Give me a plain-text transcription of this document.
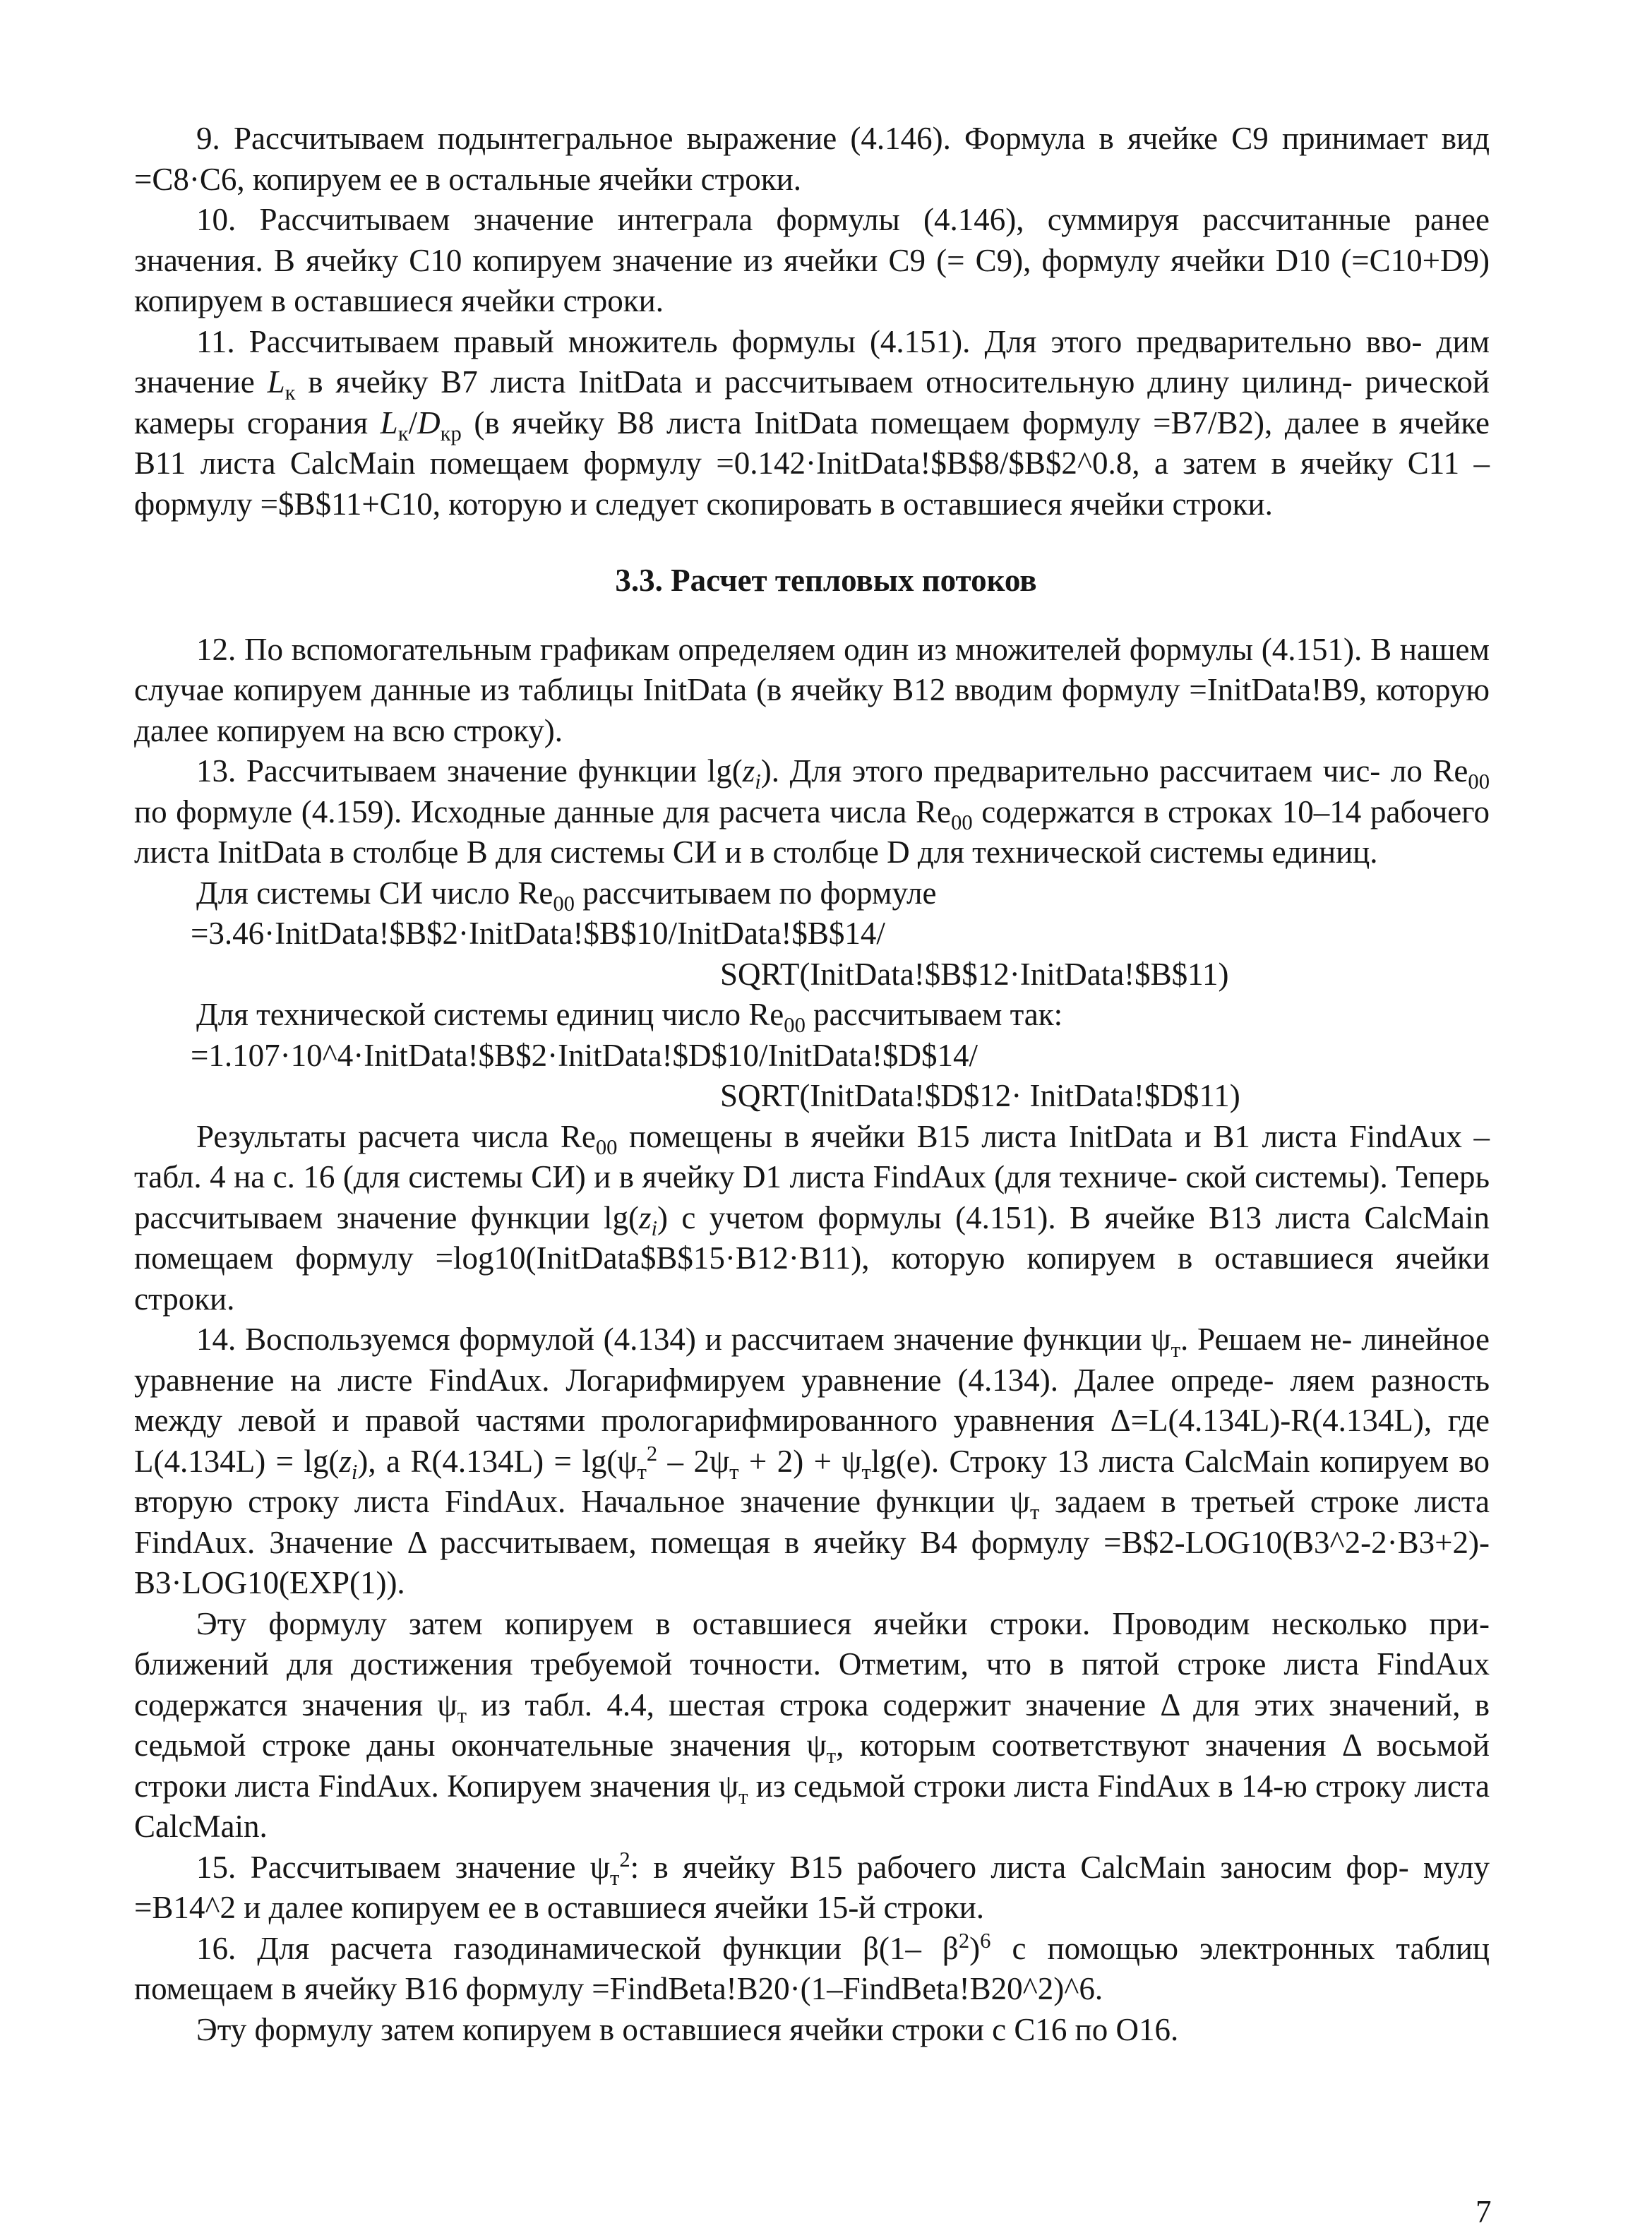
9. Рассчитываем подынтегральное выражение (4.146). Формула в ячейке С9 принимает вид =С8·С6, копируем ее в остальные ячейки строки.

10. Рассчитываем значение интеграла формулы (4.146), суммируя рассчитанные ранее значения. В ячейку С10 копируем значение из ячейки С9 (= С9), формулу ячейки D10 (=C10+D9) копируем в оставшиеся ячейки строки.

11. Рассчитываем правый множитель формулы (4.151). Для этого предварительно вво- дим значение $L_к$ в ячейку В7 листа InitData и рассчитываем относительную длину цилинд- рической камеры сгорания $L_к/D_{кр}$ (в ячейку В8 листа InitData помещаем формулу =В7/В2), далее в ячейке В11 листа CalcMain помещаем формулу =0.142·InitData!$B$8/$B$2^0.8, а затем в ячейку С11 – формулу =$B$11+C10, которую и следует скопировать в оставшиеся ячейки строки.

3.3. Расчет тепловых потоков

12. По вспомогательным графикам определяем один из множителей формулы (4.151). В нашем случае копируем данные из таблицы InitData (в ячейку В12 вводим формулу =InitData!B9, которую далее копируем на всю строку).

13. Рассчитываем значение функции $\lg(z_i)$. Для этого предварительно рассчитаем чис- ло $Re_{00}$ по формуле (4.159). Исходные данные для расчета числа $Re_{00}$ содержатся в строках 10–14 рабочего листа InitData в столбце В для системы СИ и в столбце D для технической системы единиц.

Для системы СИ число $Re_{00}$ рассчитываем по формуле
=3.46·InitData!$B$2·InitData!$B$10/InitData!$B$14/
SQRT(InitData!$B$12·InitData!$B$11)
Для технической системы единиц число $Re_{00}$ рассчитываем так:
=1.107·10^4·InitData!$B$2·InitData!$D$10/InitData!$D$14/
SQRT(InitData!$D$12· InitData!$D$11)

Результаты расчета числа $Re_{00}$ помещены в ячейки В15 листа InitData и В1 листа FindAux – табл. 4 на с. 16 (для системы СИ) и в ячейку D1 листа FindAux (для техниче- ской системы). Теперь рассчитываем значение функции $\lg(z_i)$ с учетом формулы (4.151). В ячейке В13 листа CalcMain помещаем формулу =log10(InitData$B$15·B12·B11), которую копируем в оставшиеся ячейки строки.

14. Воспользуемся формулой (4.134) и рассчитаем значение функции $\psi_т$. Решаем не- линейное уравнение на листе FindAux. Логарифмируем уравнение (4.134). Далее опреде- ляем разность между левой и правой частями прологарифмированного уравнения Δ=L(4.134L)-R(4.134L), где $L(4.134L) = \lg(z_i)$, а $R(4.134L) = \lg(\psi_т^2 - 2\psi_т + 2) + \psi_т\lg(e)$. Строку 13 листа CalcMain копируем во вторую строку листа FindAux. Начальное значение функции $\psi_т$ задаем в третьей строке листа FindAux. Значение Δ рассчитываем, помещая в ячейку В4 формулу =B$2-LOG10(B3^2-2·B3+2)-B3·LOG10(EXP(1)).

Эту формулу затем копируем в оставшиеся ячейки строки. Проводим несколько при- ближений для достижения требуемой точности. Отметим, что в пятой строке листа FindAux содержатся значения $\psi_т$ из табл. 4.4, шестая строка содержит значение Δ для этих значений, в седьмой строке даны окончательные значения $\psi_т$, которым соответствуют значения Δ восьмой строки листа FindAux. Копируем значения $\psi_т$ из седьмой строки листа FindAux в 14-ю строку листа CalcMain.

15. Рассчитываем значение $\psi_т^2$: в ячейку В15 рабочего листа CalcMain заносим фор- мулу =B14^2 и далее копируем ее в оставшиеся ячейки 15-й строки.

16. Для расчета газодинамической функции β(1– $\beta^2)^6$ с помощью электронных таблиц помещаем в ячейку В16 формулу =FindBeta!B20·(1–FindBeta!B20^2)^6.

Эту формулу затем копируем в оставшиеся ячейки строки с С16 по О16.

7
